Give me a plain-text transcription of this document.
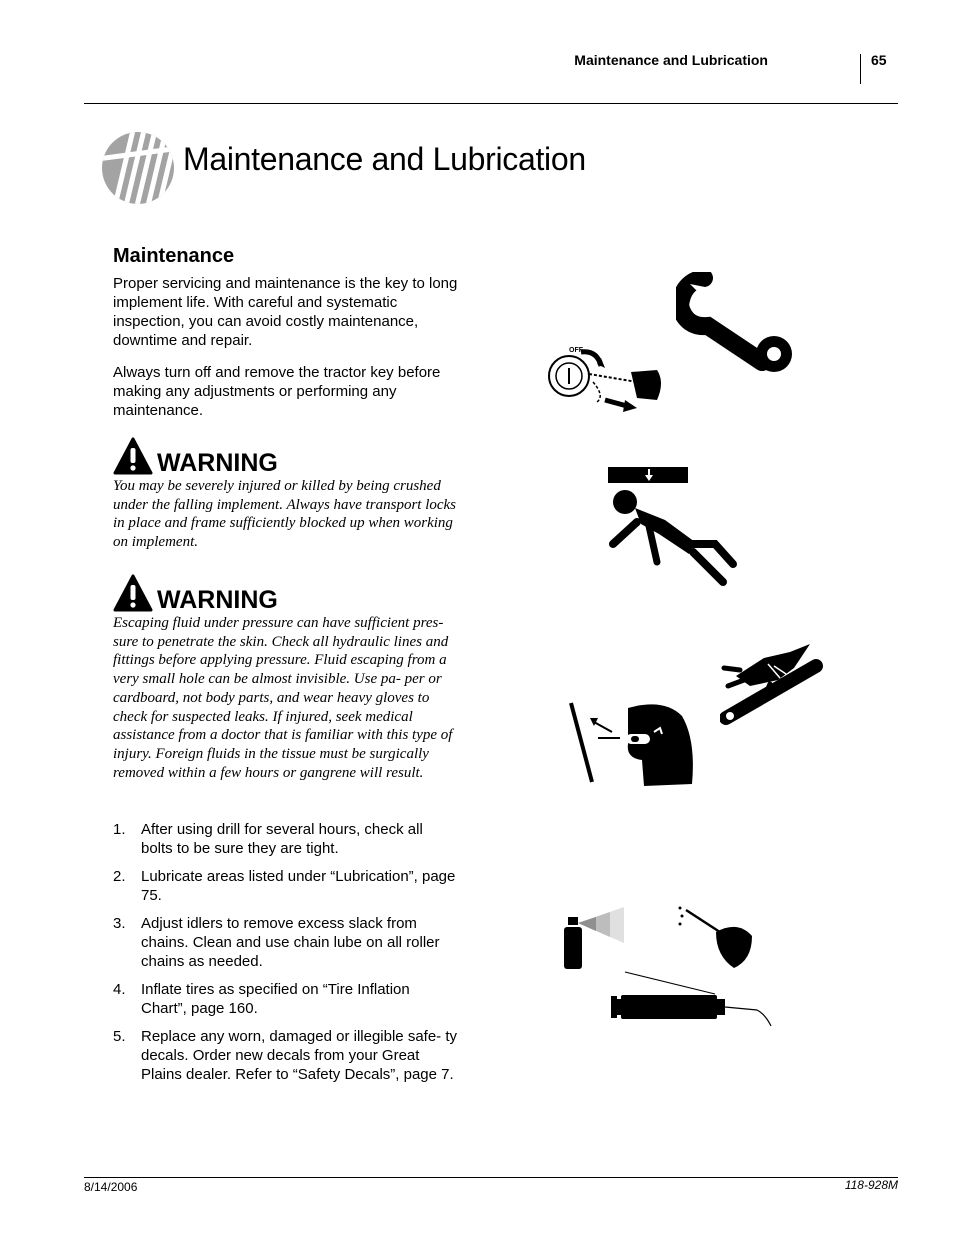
Maintenance and Lubrication	65
Maintenance and Lubrication
Maintenance
Proper servicing and maintenance is the key to long implement life. With careful and systematic inspection, you can avoid costly maintenance, downtime and repair.
Always turn off and remove the tractor key before making any adjustments or performing any maintenance.
WARNING
You may be severely injured or killed by being crushed under the falling implement. Always have transport locks in place and frame sufficiently blocked up when working on implement.
WARNING
Escaping fluid under pressure can have sufficient pres- sure to penetrate the skin. Check all hydraulic lines and fittings before applying pressure. Fluid escaping from a very small hole can be almost invisible. Use pa- per or cardboard, not body parts, and wear heavy gloves to check for suspected leaks. If injured, seek medical assistance from a doctor that is familiar with this type of injury. Foreign fluids in the tissue must be surgically removed within a few hours or gangrene will result.
1. After using drill for several hours, check all bolts to be sure they are tight.
2. Lubricate areas listed under “Lubrication”, page 75.
3. Adjust idlers to remove excess slack from chains. Clean and use chain lube on all roller chains as needed.
4. Inflate tires as specified on “Tire Inflation Chart”, page 160.
5. Replace any worn, damaged or illegible safe- ty decals. Order new decals from your Great Plains dealer. Refer to “Safety Decals”, page 7.
OFF
8/14/2006	118-928M
